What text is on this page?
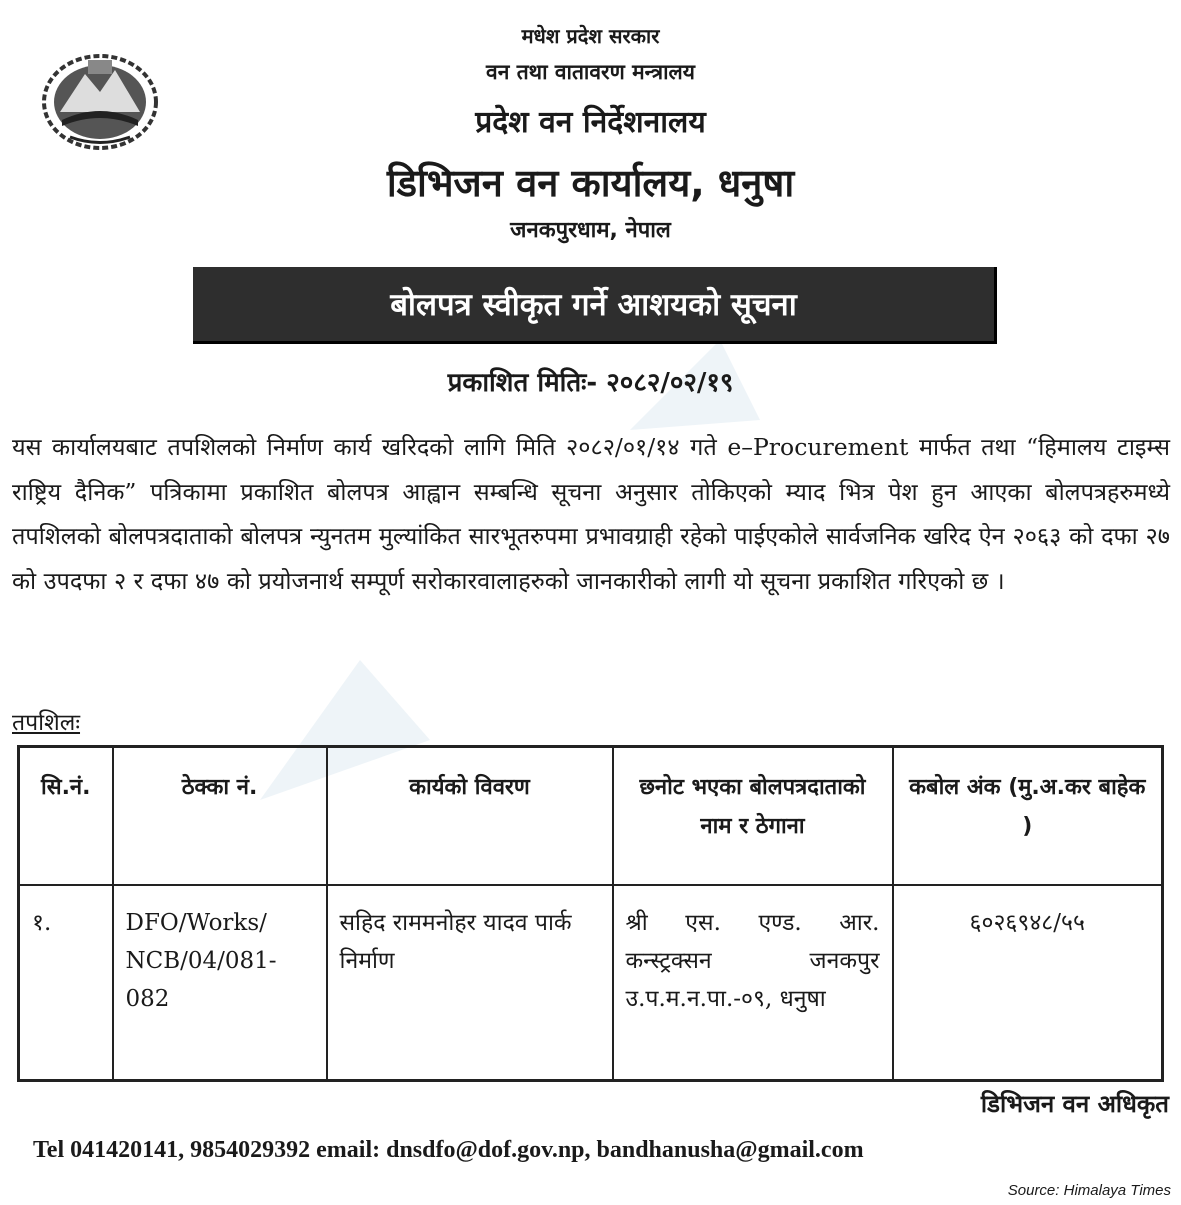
मधेश प्रदेश सरकार
वन तथा वातावरण मन्त्रालय
प्रदेश वन निर्देशनालय
डिभिजन वन कार्यालय, धनुषा
जनकपुरधाम, नेपाल
बोलपत्र स्वीकृत गर्ने आशयको सूचना
प्रकाशित मितिः- २०८२/०२/१९
यस कार्यालयबाट तपशिलको निर्माण कार्य खरिदको लागि मिति २०८२/०१/१४ गते e–Procurement मार्फत तथा “हिमालय टाइम्स राष्ट्रिय दैनिक” पत्रिकामा प्रकाशित बोलपत्र आह्वान सम्बन्धि सूचना अनुसार तोकिएको म्याद भित्र पेश हुन आएका बोलपत्रहरुमध्ये तपशिलको बोलपत्रदाताको बोलपत्र न्युनतम मुल्यांकित सारभूतरुपमा प्रभावग्राही रहेको पाईएकोले सार्वजनिक खरिद ऐन २०६३ को दफा २७ को उपदफा २ र दफा ४७ को प्रयोजनार्थ सम्पूर्ण सरोकारवालाहरुको जानकारीको लागी यो सूचना प्रकाशित गरिएको छ ।
तपशिलः
सि.नं.	ठेक्का नं.	कार्यको विवरण	छनोट भएका बोलपत्रदाताको नाम र ठेगाना	कबोल अंक (मु.अ.कर बाहेक )
१.	DFO/Works/ NCB/04/081- 082	सहिद राममनोहर यादव पार्क निर्माण	श्री एस. एण्ड. आर. कन्स्ट्रक्सन जनकपुर उ.प.म.न.पा.-०९, धनुषा	६०२६९४८/५५
डिभिजन वन अधिकृत
Tel 041420141, 9854029392 email: dnsdfo@dof.gov.np, bandhanusha@gmail.com
Source: Himalaya Times
